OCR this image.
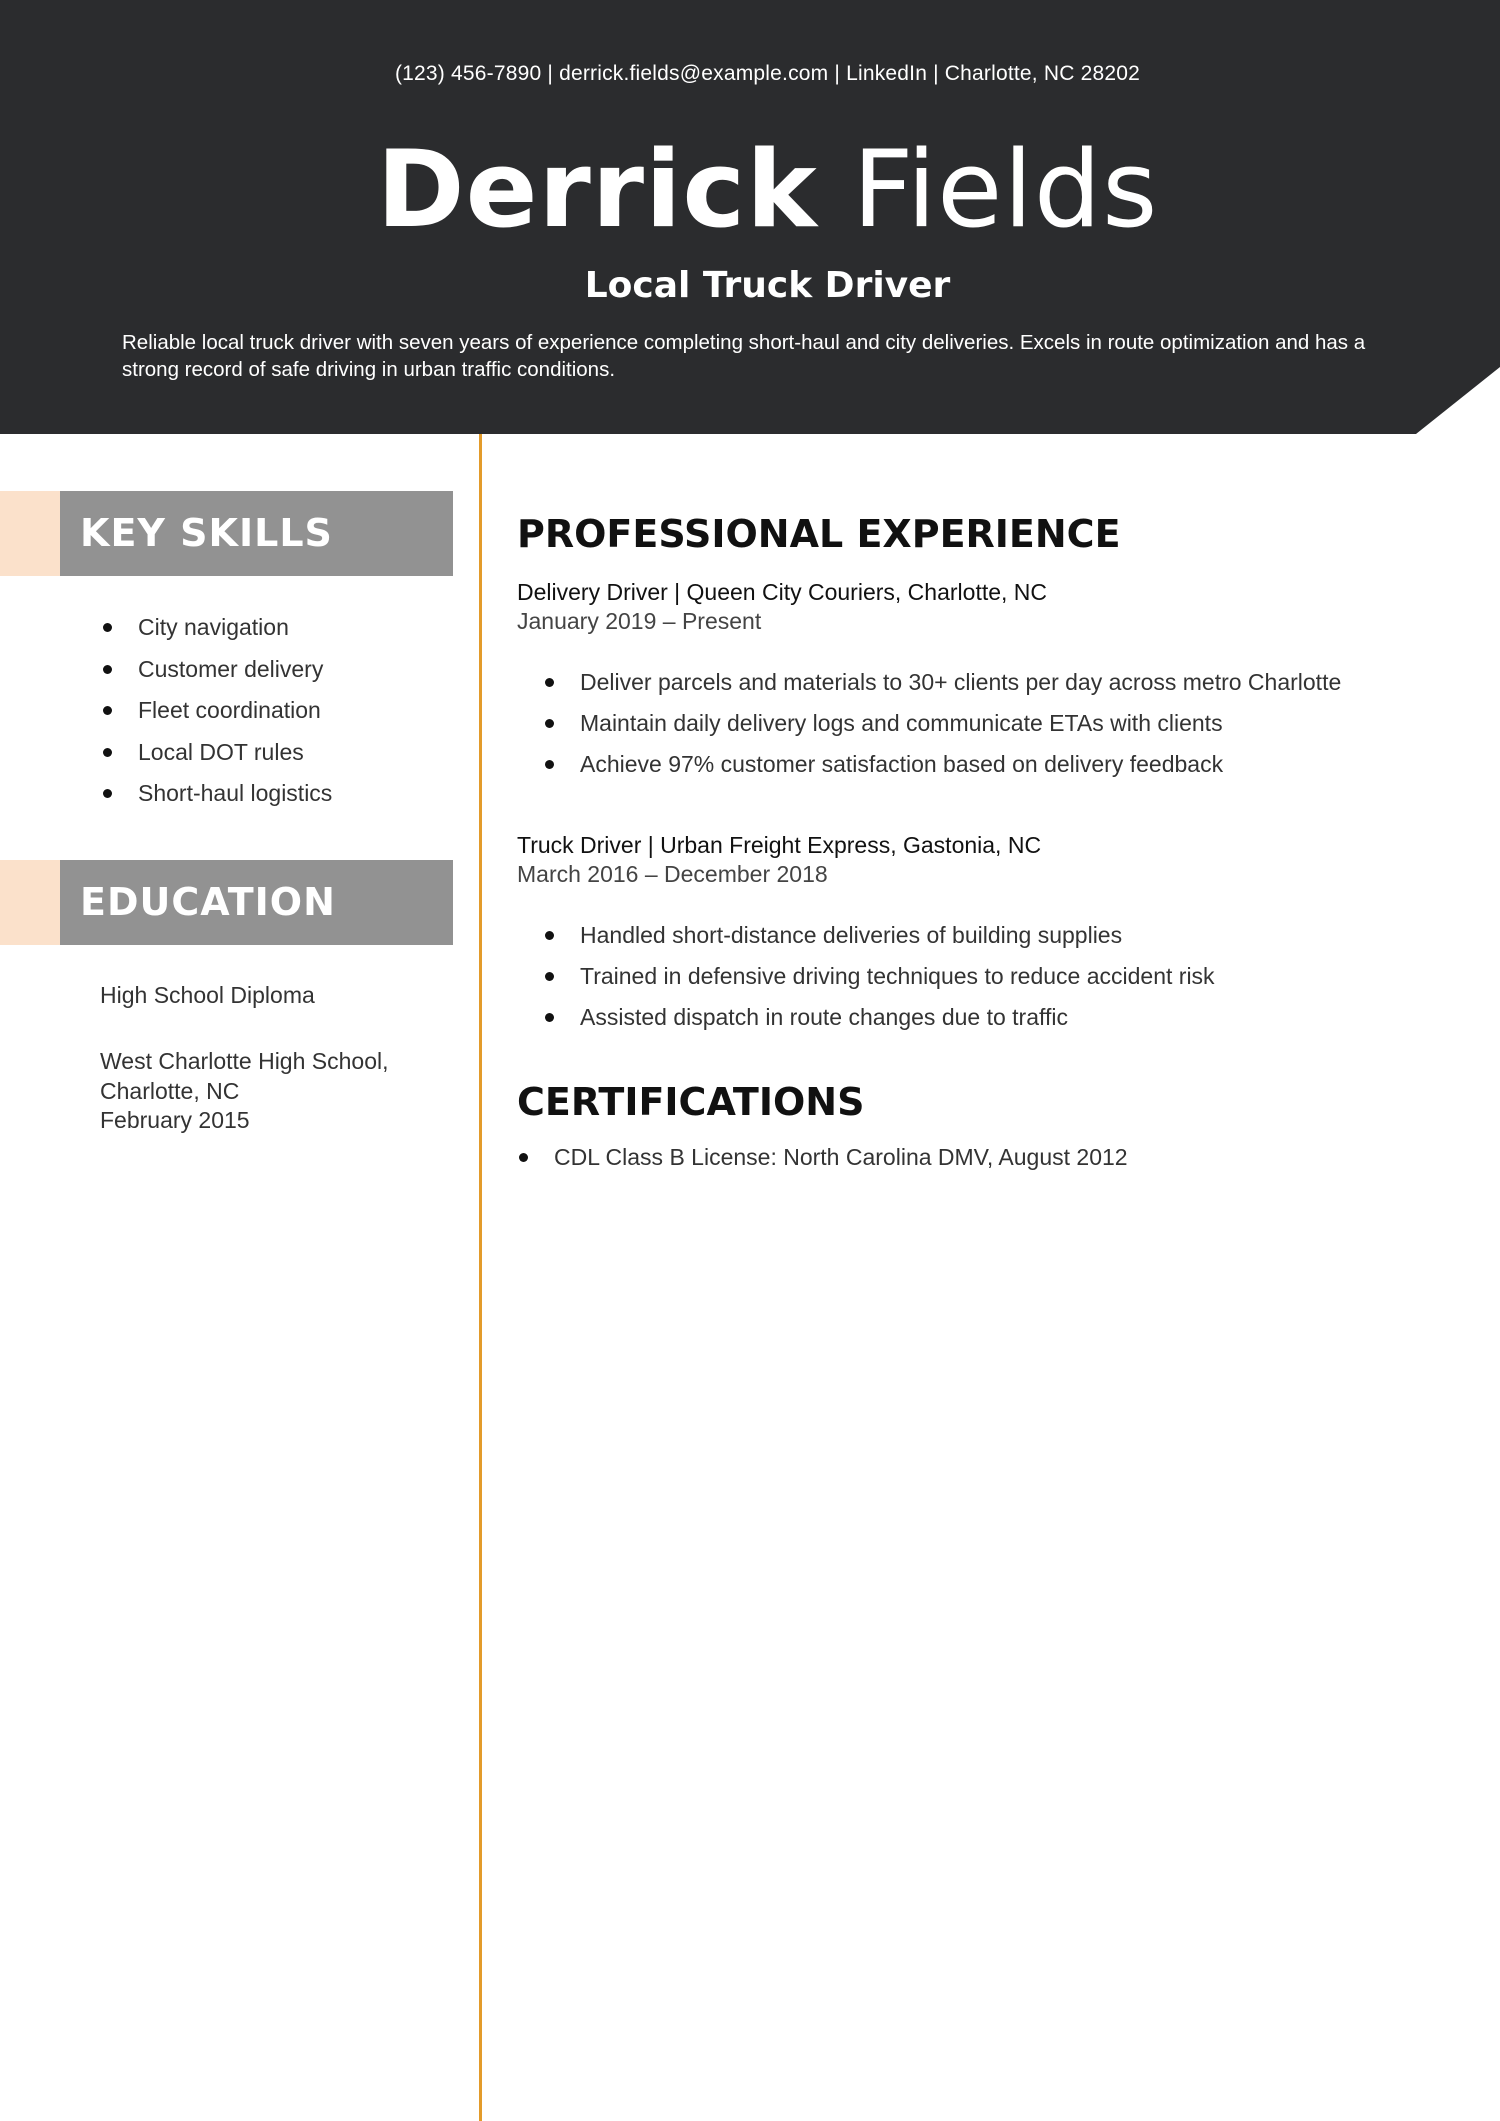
(123) 456-7890 | derrick.fields@example.com | LinkedIn | Charlotte, NC 28202
Derrick Fields
Local Truck Driver
Reliable local truck driver with seven years of experience completing short-haul and city deliveries. Excels in route optimization and has a strong record of safe driving in urban traffic conditions.
KEY SKILLS
City navigation
Customer delivery
Fleet coordination
Local DOT rules
Short-haul logistics
EDUCATION
High School Diploma
West Charlotte High School,
Charlotte, NC
February 2015
PROFESSIONAL EXPERIENCE
Delivery Driver | Queen City Couriers, Charlotte, NC
January 2019 – Present
Deliver parcels and materials to 30+ clients per day across metro Charlotte
Maintain daily delivery logs and communicate ETAs with clients
Achieve 97% customer satisfaction based on delivery feedback
Truck Driver | Urban Freight Express, Gastonia, NC
March 2016 – December 2018
Handled short-distance deliveries of building supplies
Trained in defensive driving techniques to reduce accident risk
Assisted dispatch in route changes due to traffic
CERTIFICATIONS
CDL Class B License: North Carolina DMV, August 2012
